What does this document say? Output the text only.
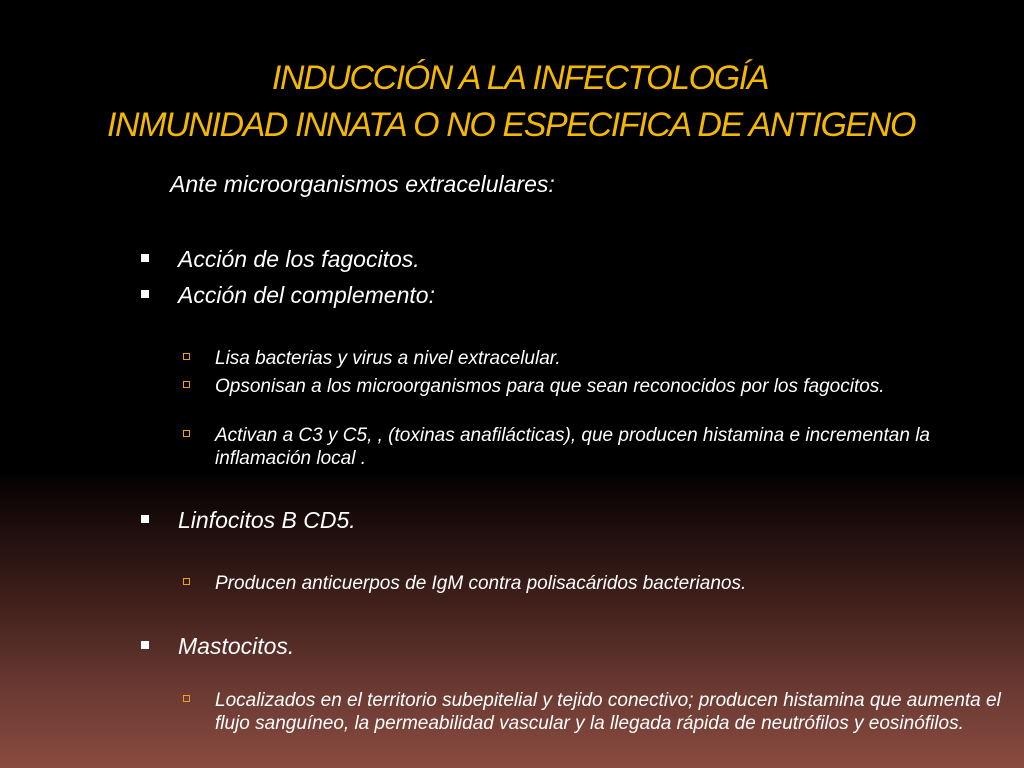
INDUCCIÓN A LA INFECTOLOGÍA
INMUNIDAD INNATA O NO ESPECIFICA DE ANTIGENO

Ante microorganismos extracelulares:

Acción de los fagocitos.

Acción del complemento:

Lisa bacterias y virus a nivel extracelular.

Opsonisan a los microorganismos para que sean reconocidos por los fagocitos.

Activan a C3 y C5, , (toxinas anafilácticas), que producen histamina e incrementan la inflamación local .

Linfocitos B CD5.

Producen anticuerpos de IgM contra polisacáridos bacterianos.

Mastocitos.

Localizados en el territorio subepitelial y tejido conectivo; producen histamina que aumenta el flujo sanguíneo, la permeabilidad vascular y la llegada rápida de neutrófilos y eosinófilos.
